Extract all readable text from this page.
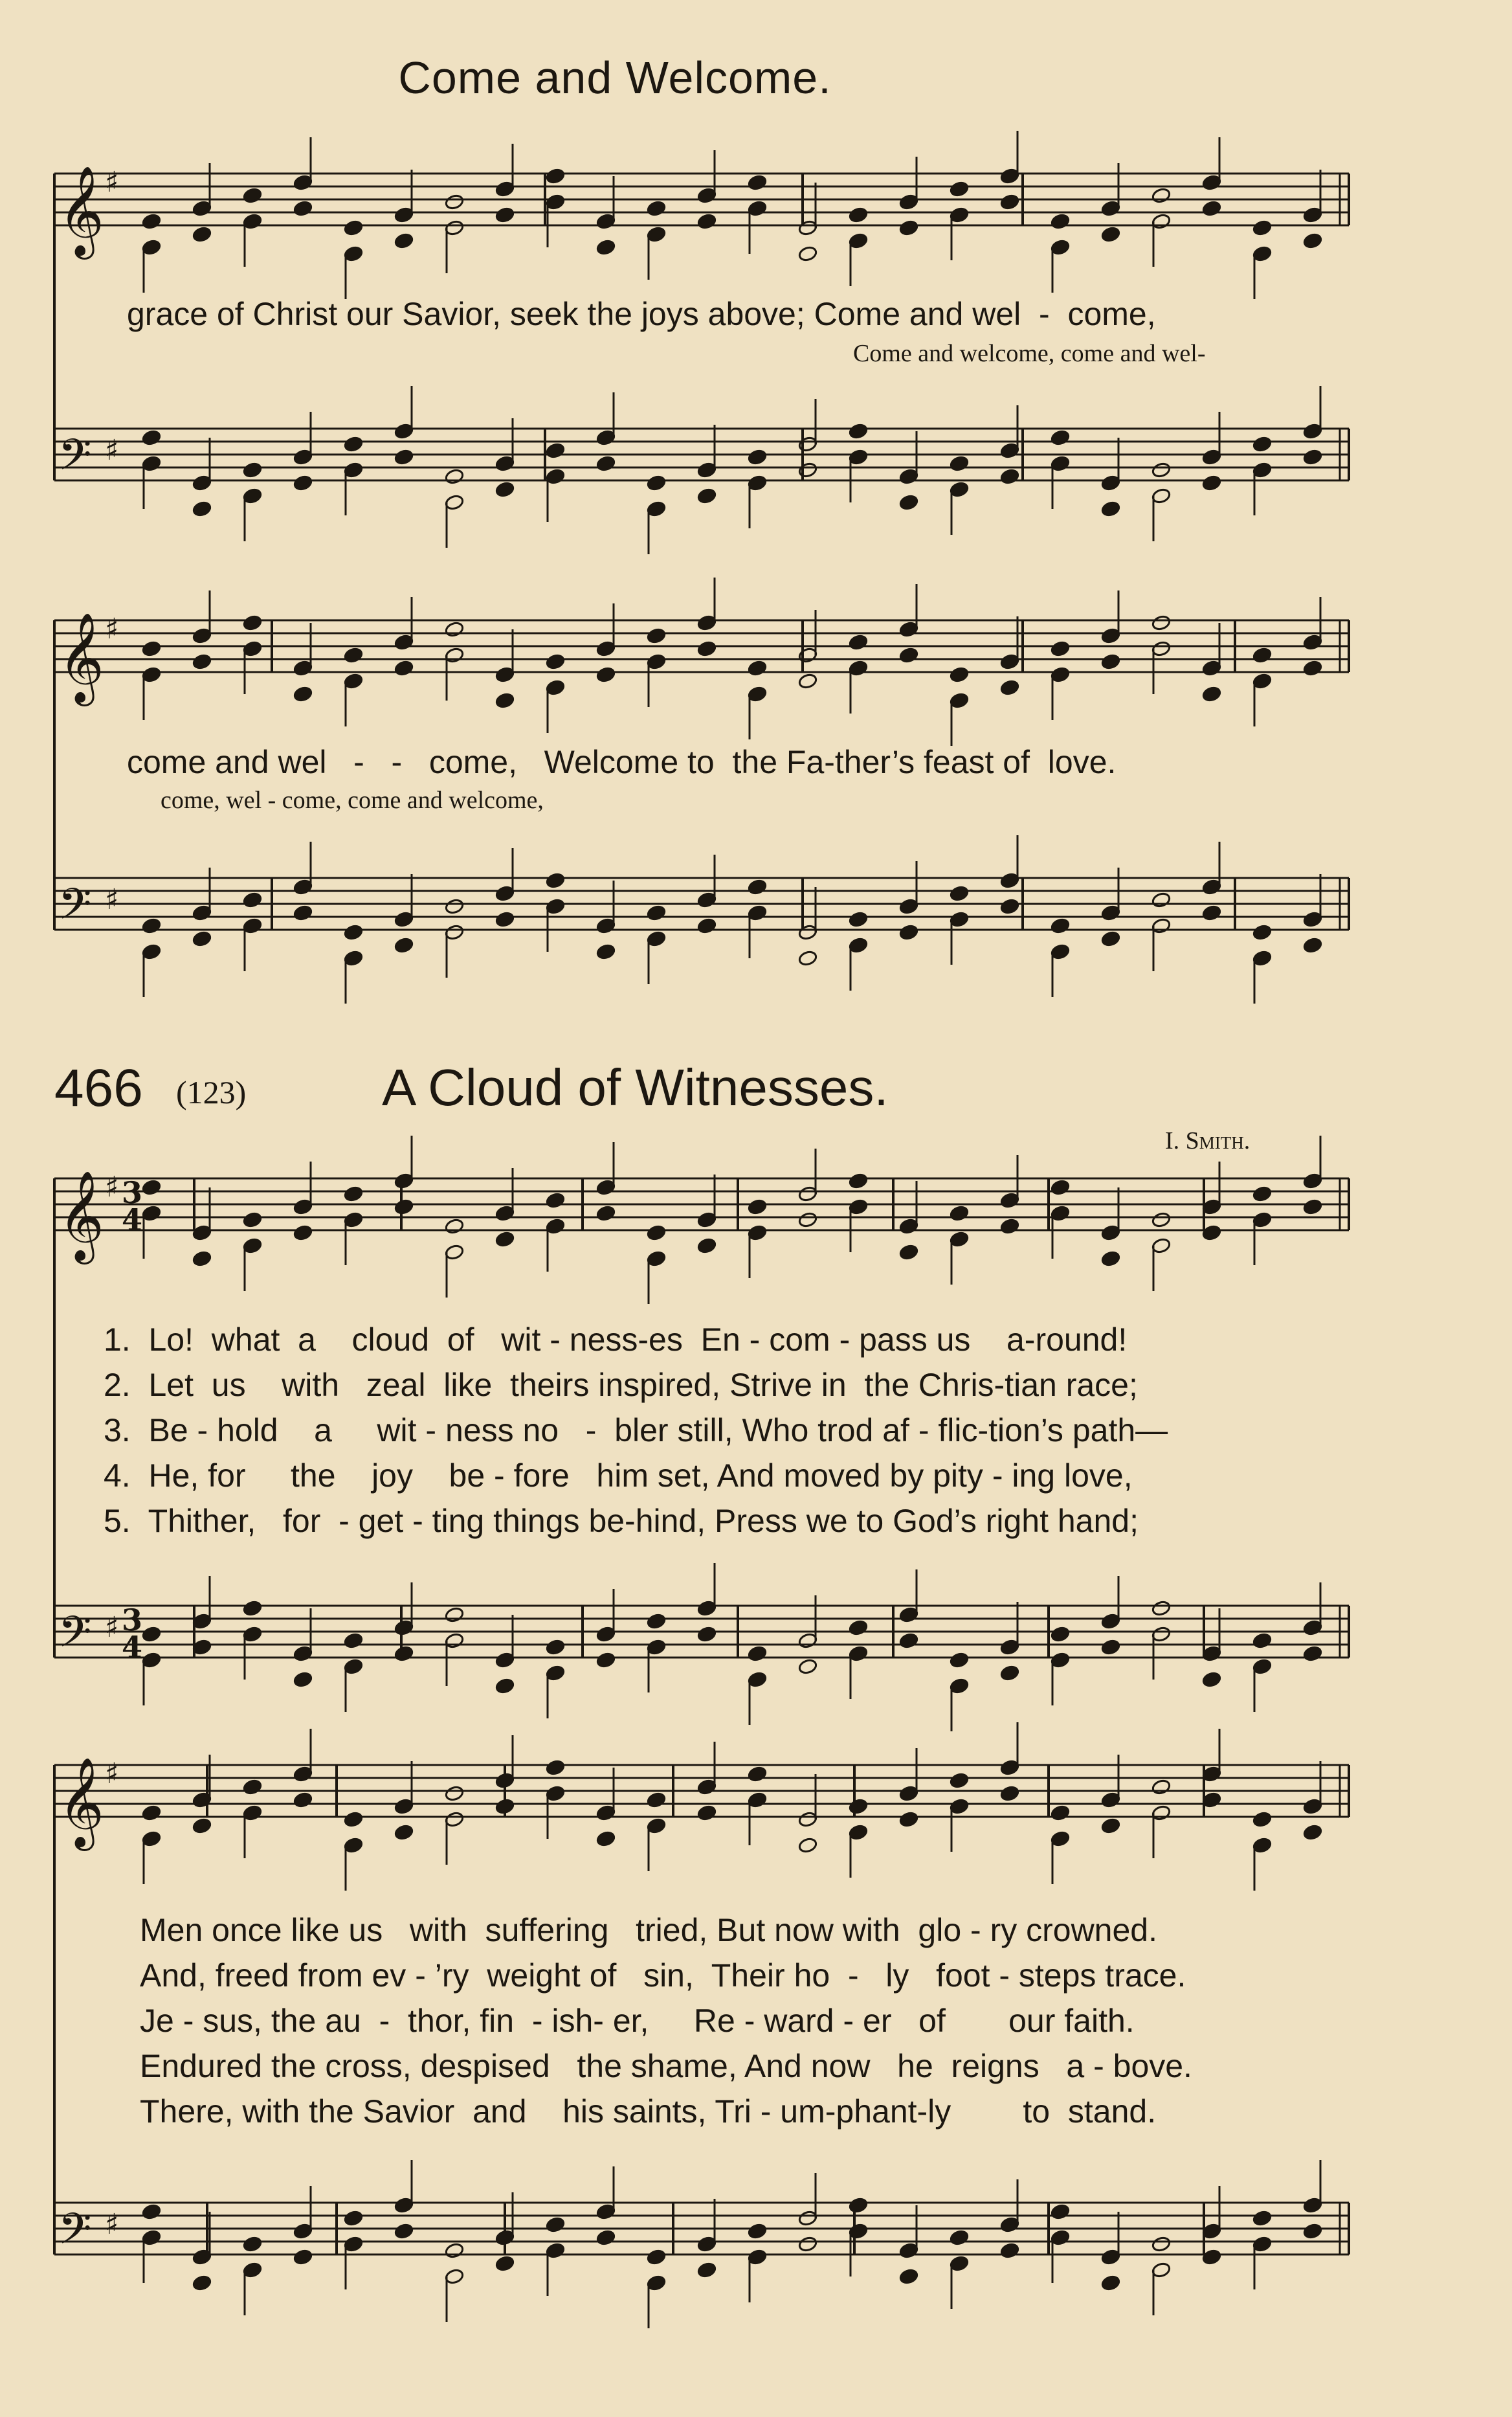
𝄞 ♯
𝄢 ♯
𝄞 ♯
𝄢 ♯
𝄞 ♯
𝄢 ♯
𝄞 ♯
𝄢 ♯
3
4
3
4
Come and Welcome.
grace of Christ our Savior, seek the joys above; Come and wel  -  come,
Come and welcome, come and wel-
come and wel   -   -   come,   Welcome to  the Fa-ther’s feast of  love.
come, wel - come, come and welcome,
466 (123)	A Cloud of Witnesses.
I. Smith.
1.  Lo!  what  a    cloud  of   wit - ness-es  En - com - pass us    a-round!
2.  Let  us    with   zeal  like  theirs inspired, Strive in  the Chris-tian race;
3.  Be - hold    a     wit - ness no   -  bler still, Who trod af - flic-tion’s path—
4.  He, for     the    joy    be - fore   him set, And moved by pity - ing love,
5.  Thither,   for  - get - ting things be-hind, Press we to God’s right hand;
Men once like us   with  suffering   tried, But now with  glo - ry crowned.
And, freed from ev - ’ry  weight of   sin,  Their ho  -   ly   foot - steps trace.
Je - sus, the au  -  thor, fin  - ish- er,     Re - ward - er   of       our faith.
Endured the cross, despised   the shame, And now   he  reigns   a - bove.
There, with the Savior  and    his saints, Tri - um-phant-ly        to  stand.
